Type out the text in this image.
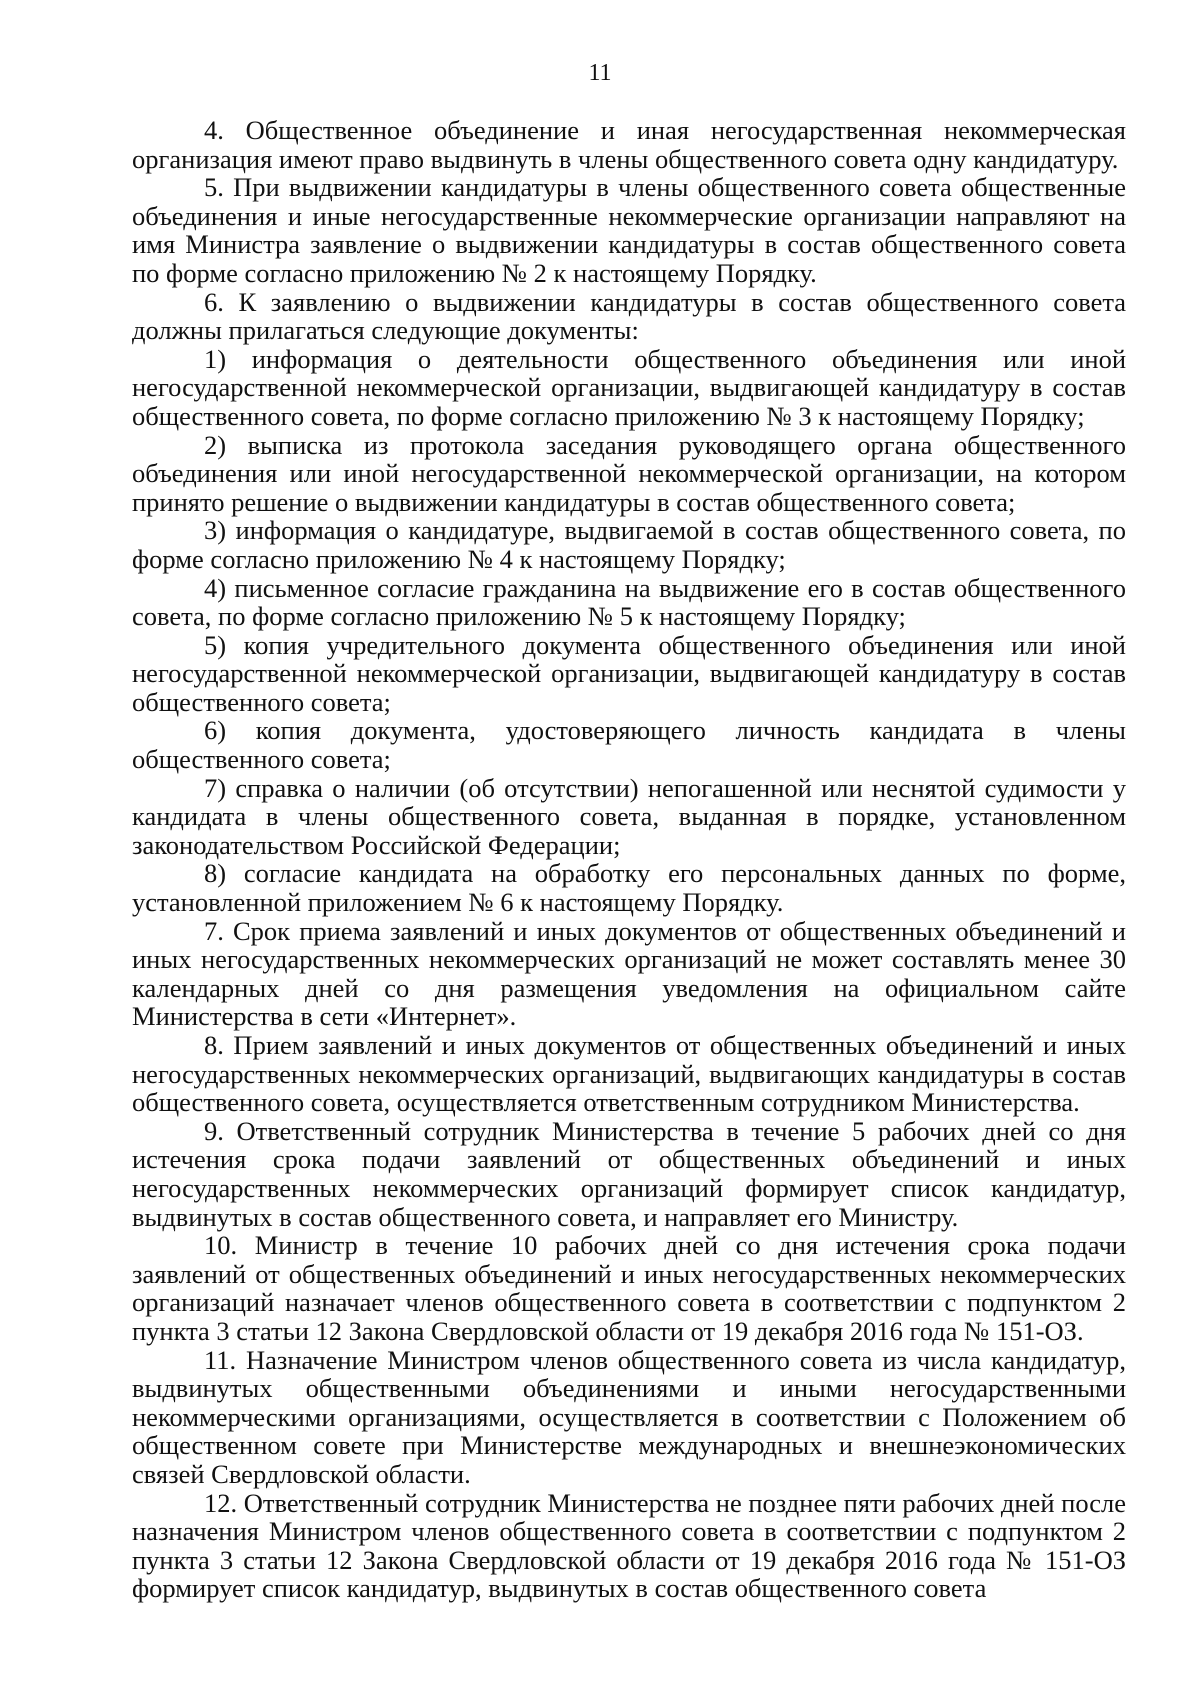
11

4. Общественное объединение и иная негосударственная некоммерческая организация имеют право выдвинуть в члены общественного совета одну кандидатуру.

5. При выдвижении кандидатуры в члены общественного совета общественные объединения и иные негосударственные некоммерческие организации направляют на имя Министра заявление о выдвижении кандидатуры в состав общественного совета по форме согласно приложению № 2 к настоящему Порядку.

6. К заявлению о выдвижении кандидатуры в состав общественного совета должны прилагаться следующие документы:

1) информация о деятельности общественного объединения или иной негосударственной некоммерческой организации, выдвигающей кандидатуру в состав общественного совета, по форме согласно приложению № 3 к настоящему Порядку;

2) выписка из протокола заседания руководящего органа общественного объединения или иной негосударственной некоммерческой организации, на котором принято решение о выдвижении кандидатуры в состав общественного совета;

3) информация о кандидатуре, выдвигаемой в состав общественного совета, по форме согласно приложению № 4 к настоящему Порядку;

4) письменное согласие гражданина на выдвижение его в состав общественного совета, по форме согласно приложению № 5 к настоящему Порядку;

5) копия учредительного документа общественного объединения или иной негосударственной некоммерческой организации, выдвигающей кандидатуру в состав общественного совета;

6) копия документа, удостоверяющего личность кандидата в члены общественного совета;

7) справка о наличии (об отсутствии) непогашенной или неснятой судимости у кандидата в члены общественного совета, выданная в порядке, установленном законодательством Российской Федерации;

8) согласие кандидата на обработку его персональных данных по форме, установленной приложением № 6 к настоящему Порядку.

7. Срок приема заявлений и иных документов от общественных объединений и иных негосударственных некоммерческих организаций не может составлять менее 30 календарных дней со дня размещения уведомления на официальном сайте Министерства в сети «Интернет».

8. Прием заявлений и иных документов от общественных объединений и иных негосударственных некоммерческих организаций, выдвигающих кандидатуры в состав общественного совета, осуществляется ответственным сотрудником Министерства.

9. Ответственный сотрудник Министерства в течение 5 рабочих дней со дня истечения срока подачи заявлений от общественных объединений и иных негосударственных некоммерческих организаций формирует список кандидатур, выдвинутых в состав общественного совета, и направляет его Министру.

10. Министр в течение 10 рабочих дней со дня истечения срока подачи заявлений от общественных объединений и иных негосударственных некоммерческих организаций назначает членов общественного совета в соответствии с подпунктом 2 пункта 3 статьи 12 Закона Свердловской области от 19 декабря 2016 года № 151-ОЗ.

11. Назначение Министром членов общественного совета из числа кандидатур, выдвинутых общественными объединениями и иными негосударственными некоммерческими организациями, осуществляется в соответствии с Положением об общественном совете при Министерстве международных и внешнеэкономических связей Свердловской области.

12. Ответственный сотрудник Министерства не позднее пяти рабочих дней после назначения Министром членов общественного совета в соответствии с подпунктом 2 пункта 3 статьи 12 Закона Свердловской области от 19 декабря 2016 года № 151-ОЗ формирует список кандидатур, выдвинутых в состав общественного совета
